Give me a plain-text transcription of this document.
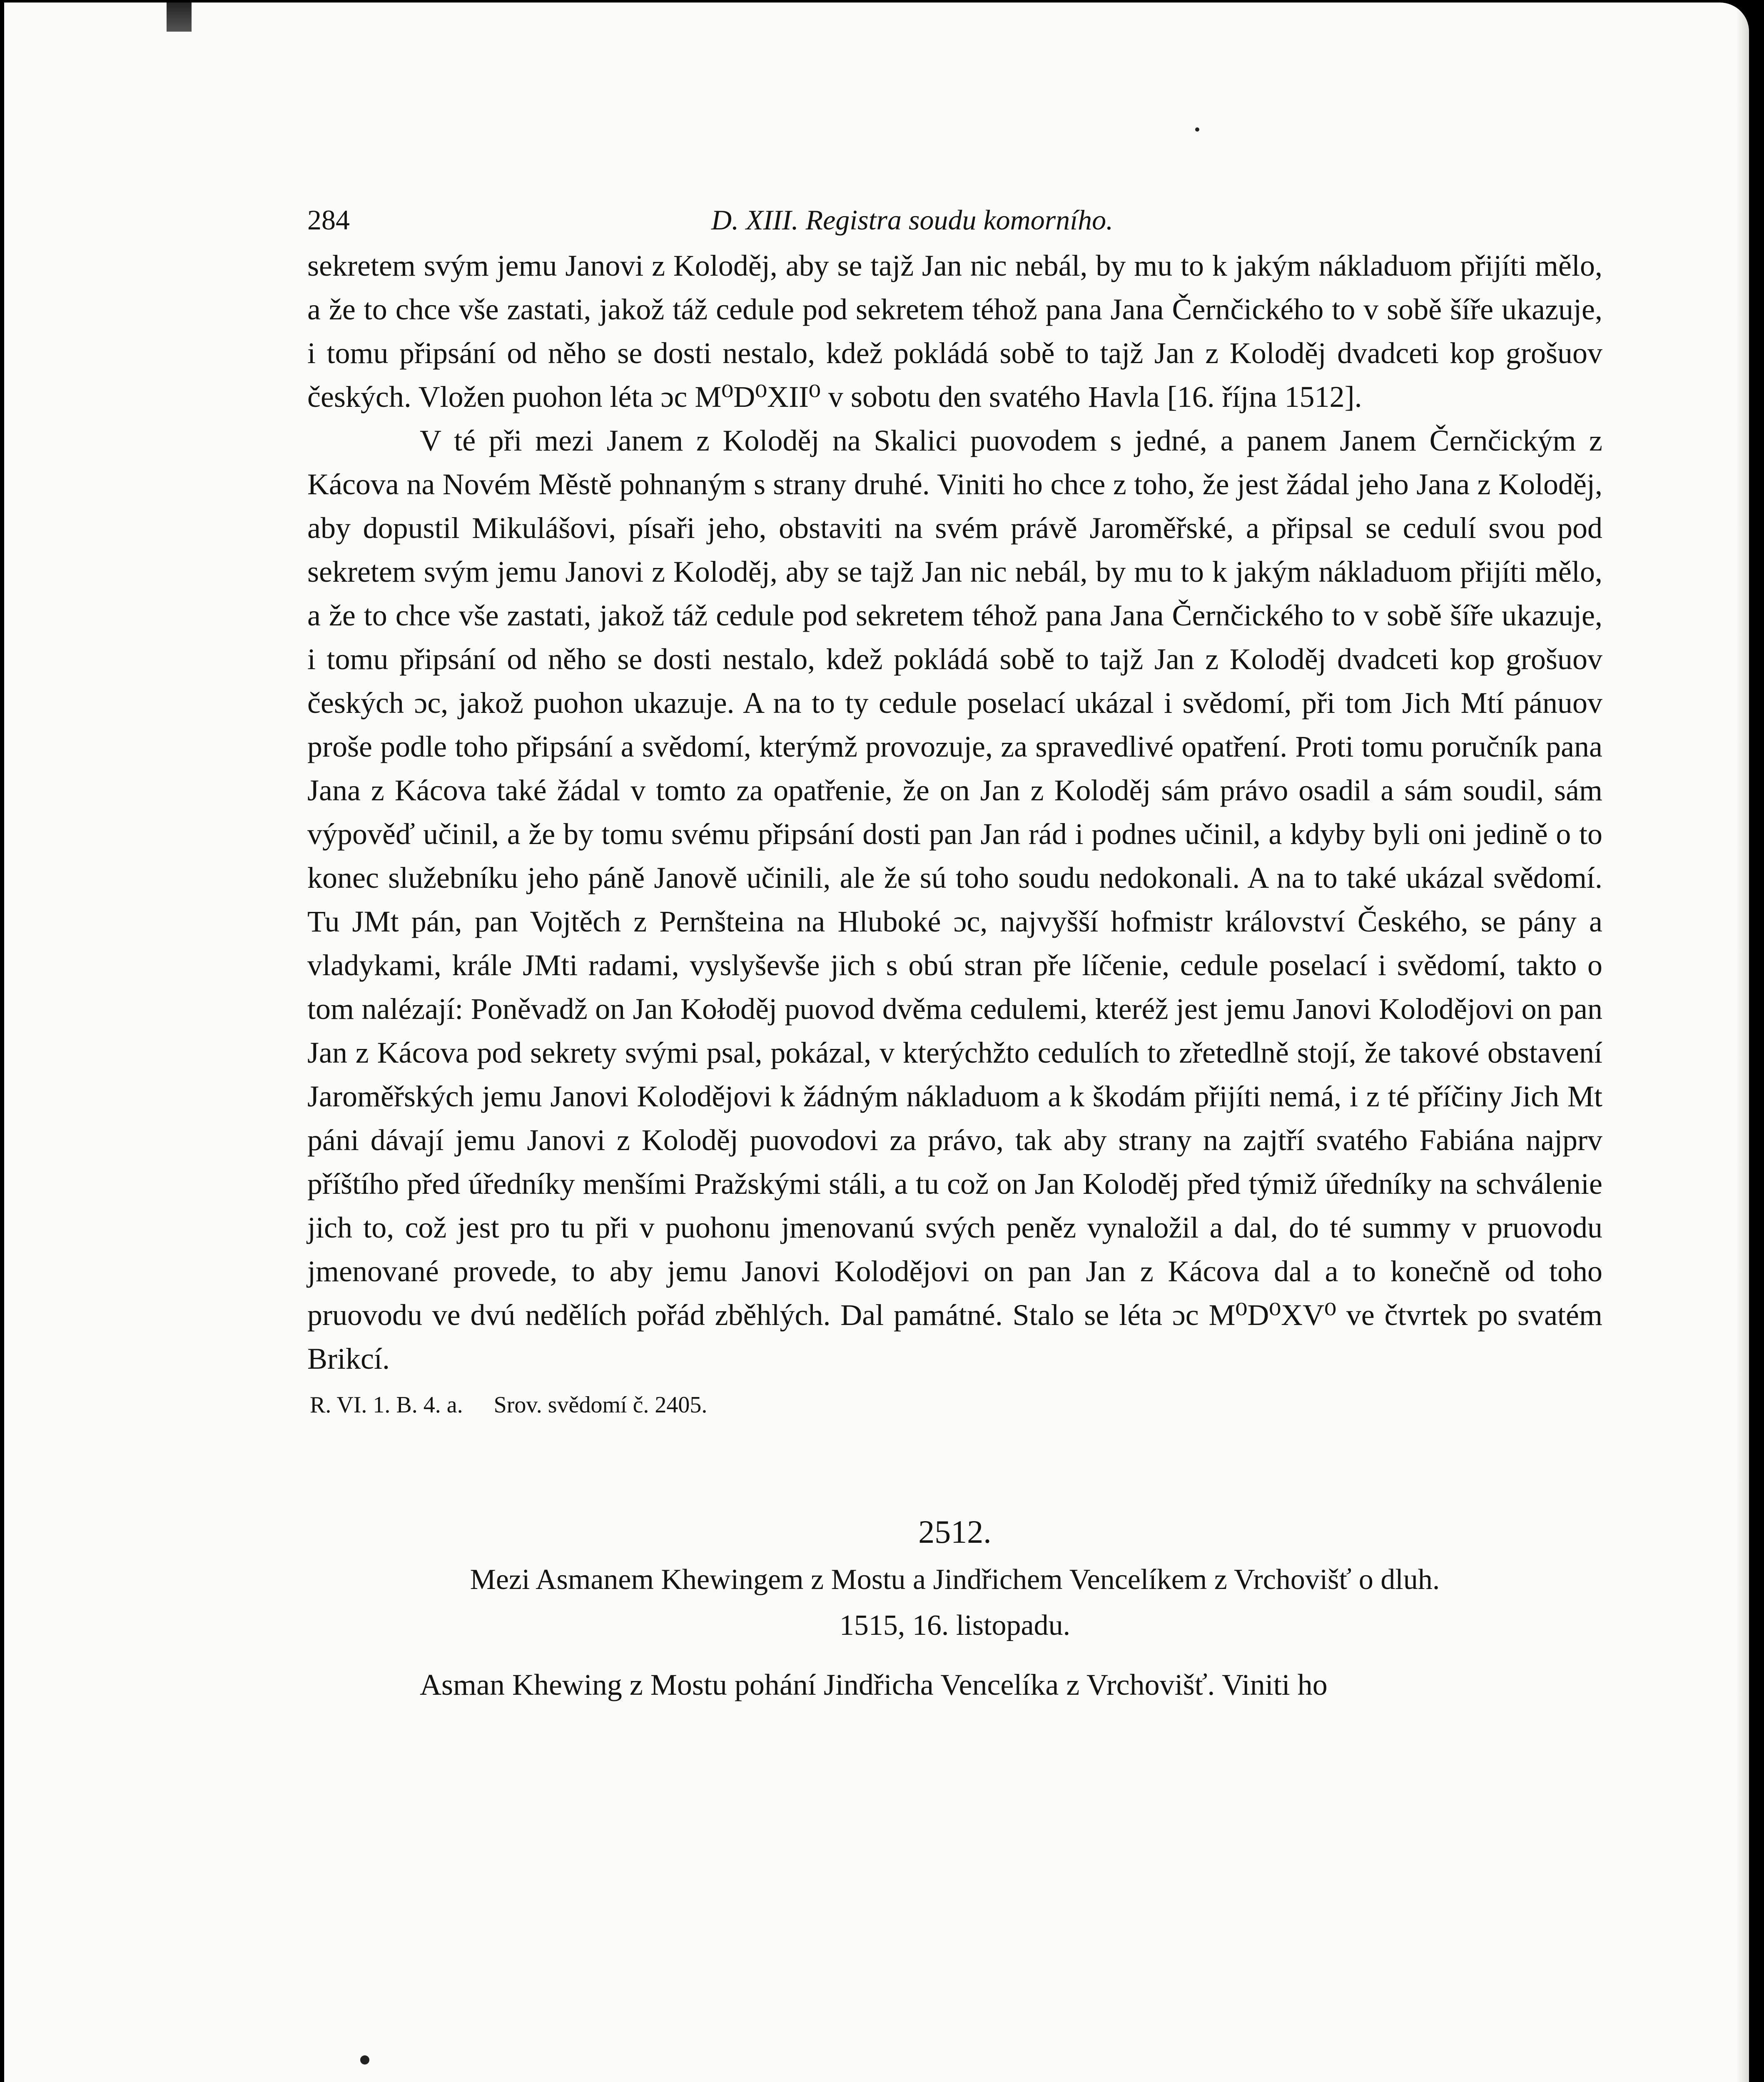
284	D. XIII. Registra soudu komorního.

sekretem svým jemu Janovi z Koloděj, aby se tajž Jan nic nebál, by mu to k jakým nákladuom přijíti mělo, a že to chce vše zastati, jakož táž cedule pod sekretem téhož pana Jana Černčického to v sobě šíře ukazuje, i tomu připsání od něho se dosti nestalo, kdež pokládá sobě to tajž Jan z Koloděj dvadceti kop grošuov českých. Vložen puohon léta ɔc M⁰D⁰XII⁰ v sobotu den svatého Havla [16. října 1512].

V té při mezi Janem z Koloděj na Skalici puovodem s jedné, a panem Janem Černčickým z Kácova na Novém Městě pohnaným s strany druhé. Viniti ho chce z toho, že jest žádal jeho Jana z Koloděj, aby dopustil Mikulášovi, písaři jeho, obstaviti na svém právě Jaroměřské, a připsal se cedulí svou pod sekretem svým jemu Janovi z Koloděj, aby se tajž Jan nic nebál, by mu to k jakým nákladuom přijíti mělo, a že to chce vše zastati, jakož táž cedule pod sekretem téhož pana Jana Černčického to v sobě šíře ukazuje, i tomu připsání od něho se dosti nestalo, kdež pokládá sobě to tajž Jan z Koloděj dvadceti kop grošuov českých ɔc, jakož puohon ukazuje. A na to ty cedule poselací ukázal i svědomí, při tom Jich Mtí pánuov proše podle toho připsání a svědomí, kterýmž provozuje, za spravedlivé opatření. Proti tomu poručník pana Jana z Kácova také žádal v tomto za opatřenie, že on Jan z Koloděj sám právo osadil a sám soudil, sám výpověď učinil, a že by tomu svému připsání dosti pan Jan rád i podnes učinil, a kdyby byli oni jedině o to konec služebníku jeho páně Janově učinili, ale že sú toho soudu nedokonali. A na to také ukázal svědomí. Tu JMt pán, pan Vojtěch z Pernšteina na Hluboké ɔc, najvyšší hofmistr království Českého, se pány a vladykami, krále JMti radami, vyslyševše jich s obú stran pře líčenie, cedule poselací i svědomí, takto o tom nalézají: Poněvadž on Jan Kołoděj puovod dvěma cedulemi, kteréž jest jemu Janovi Kolodějovi on pan Jan z Kácova pod sekrety svými psal, pokázal, v kterýchžto cedulích to zřetedlně stojí, že takové obstavení Jaroměřských jemu Janovi Kolodějovi k žádným nákladuom a k škodám přijíti nemá, i z té příčiny Jich Mt páni dávají jemu Janovi z Koloděj puovodovi za právo, tak aby strany na zajtří svatého Fabiána najprv příštího před úředníky menšími Pražskými stáli, a tu což on Jan Koloděj před týmiž úředníky na schválenie jich to, což jest pro tu při v puohonu jmenovanú svých peněz vynaložil a dal, do té summy v pruovodu jmenované provede, to aby jemu Janovi Kolodějovi on pan Jan z Kácova dal a to konečně od toho pruovodu ve dvú nedělích pořád zběhlých. Dal památné. Stalo se léta ɔc M⁰D⁰XV⁰ ve čtvrtek po svatém Brikcí.

R. VI. 1. B. 4. a. Srov. svědomí č. 2405.

2512.
Mezi Asmanem Khewingem z Mostu a Jindřichem Vencelíkem z Vrchovišť o dluh.
1515, 16. listopadu.

Asman Khewing z Mostu pohání Jindřicha Vencelíka z Vrchovišť. Viniti ho
